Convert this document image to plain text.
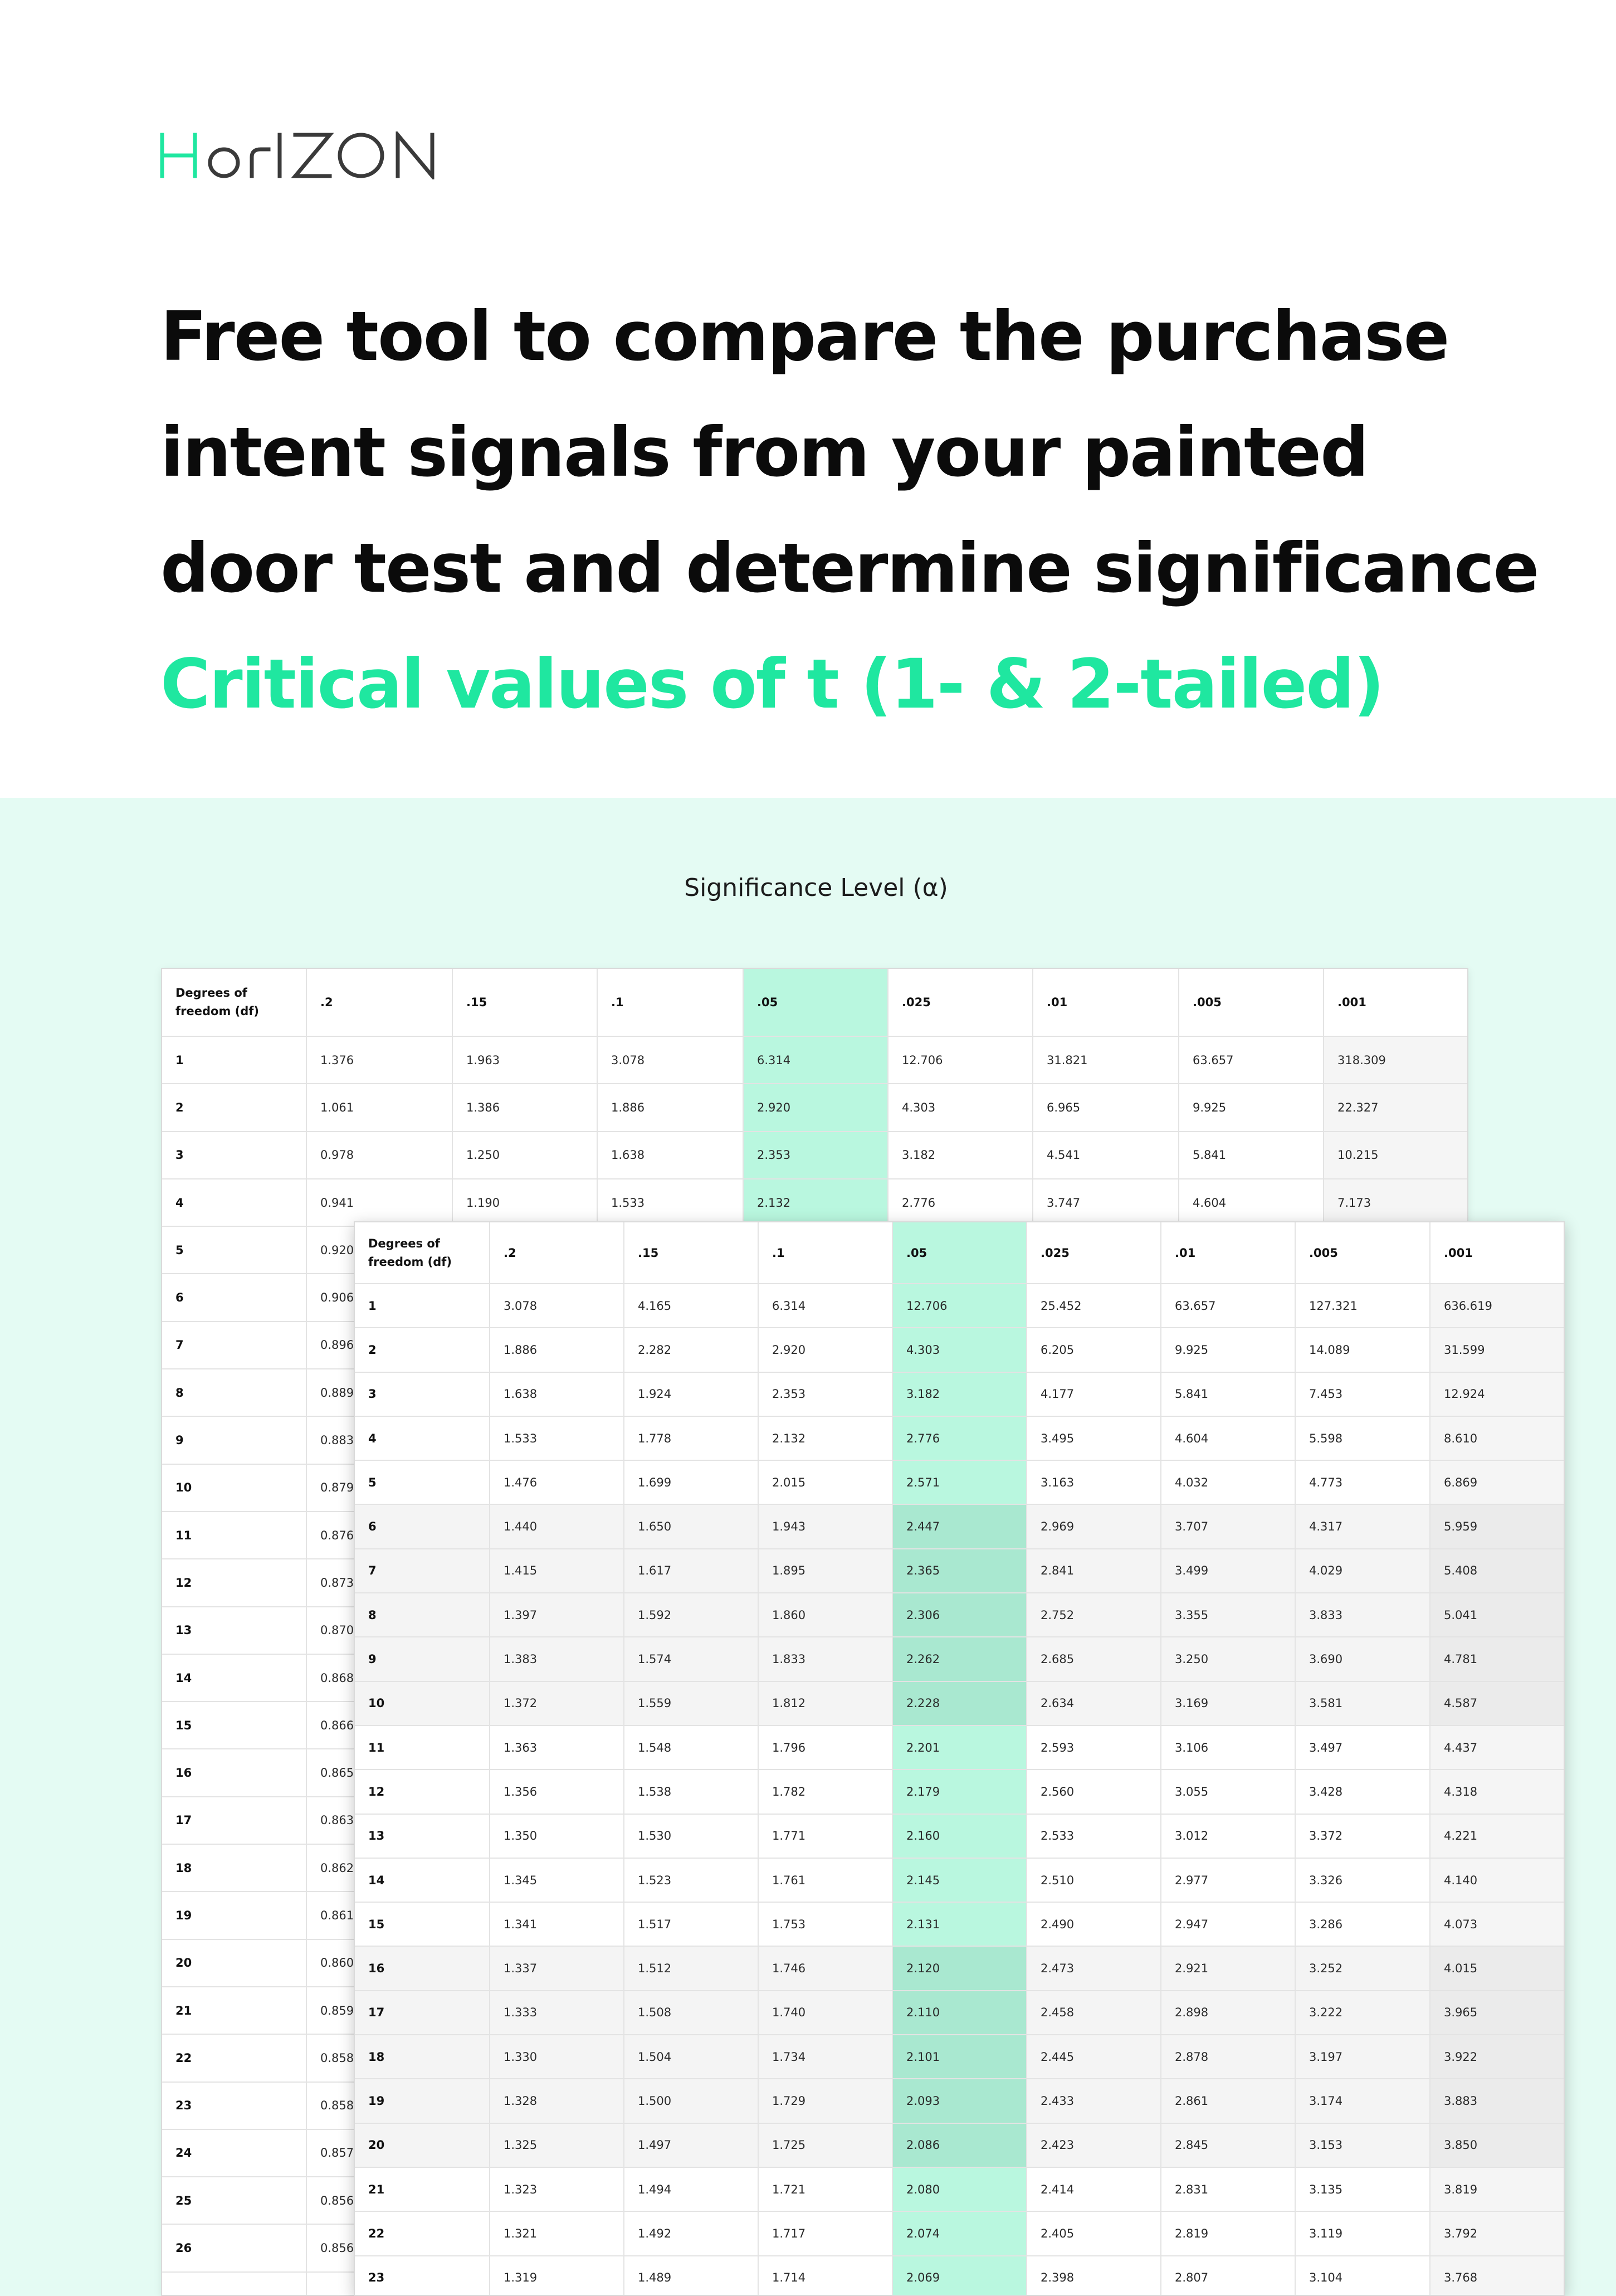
Free tool to compare the purchase
intent signals from your painted
door test and determine significance
Critical values of t (1- & 2-tailed)
Significance Level (α)
Degrees of freedom (df)
.2	.15	.1	.05	.025	.01	.005	.001
1	1.376	1.963	3.078	6.314	12.706	31.821	63.657	318.309
2	1.061	1.386	1.886	2.920	4.303	6.965	9.925	22.327
3	0.978	1.250	1.638	2.353	3.182	4.541	5.841	10.215
4	0.941	1.190	1.533	2.132	2.776	3.747	4.604	7.173
5	0.920
6	0.906
7	0.896
8	0.889
9	0.883
10	0.879
11	0.876
12	0.873
13	0.870
14	0.868
15	0.866
16	0.865
17	0.863
18	0.862
19	0.861
20	0.860
21	0.859
22	0.858
23	0.858
24	0.857
25	0.856
26	0.856
Degrees of freedom (df)
.2	.15	.1	.05	.025	.01	.005	.001
1	3.078	4.165	6.314	12.706	25.452	63.657	127.321	636.619
2	1.886	2.282	2.920	4.303	6.205	9.925	14.089	31.599
3	1.638	1.924	2.353	3.182	4.177	5.841	7.453	12.924
4	1.533	1.778	2.132	2.776	3.495	4.604	5.598	8.610
5	1.476	1.699	2.015	2.571	3.163	4.032	4.773	6.869
6	1.440	1.650	1.943	2.447	2.969	3.707	4.317	5.959
7	1.415	1.617	1.895	2.365	2.841	3.499	4.029	5.408
8	1.397	1.592	1.860	2.306	2.752	3.355	3.833	5.041
9	1.383	1.574	1.833	2.262	2.685	3.250	3.690	4.781
10	1.372	1.559	1.812	2.228	2.634	3.169	3.581	4.587
11	1.363	1.548	1.796	2.201	2.593	3.106	3.497	4.437
12	1.356	1.538	1.782	2.179	2.560	3.055	3.428	4.318
13	1.350	1.530	1.771	2.160	2.533	3.012	3.372	4.221
14	1.345	1.523	1.761	2.145	2.510	2.977	3.326	4.140
15	1.341	1.517	1.753	2.131	2.490	2.947	3.286	4.073
16	1.337	1.512	1.746	2.120	2.473	2.921	3.252	4.015
17	1.333	1.508	1.740	2.110	2.458	2.898	3.222	3.965
18	1.330	1.504	1.734	2.101	2.445	2.878	3.197	3.922
19	1.328	1.500	1.729	2.093	2.433	2.861	3.174	3.883
20	1.325	1.497	1.725	2.086	2.423	2.845	3.153	3.850
21	1.323	1.494	1.721	2.080	2.414	2.831	3.135	3.819
22	1.321	1.492	1.717	2.074	2.405	2.819	3.119	3.792
23	1.319	1.489	1.714	2.069	2.398	2.807	3.104	3.768
